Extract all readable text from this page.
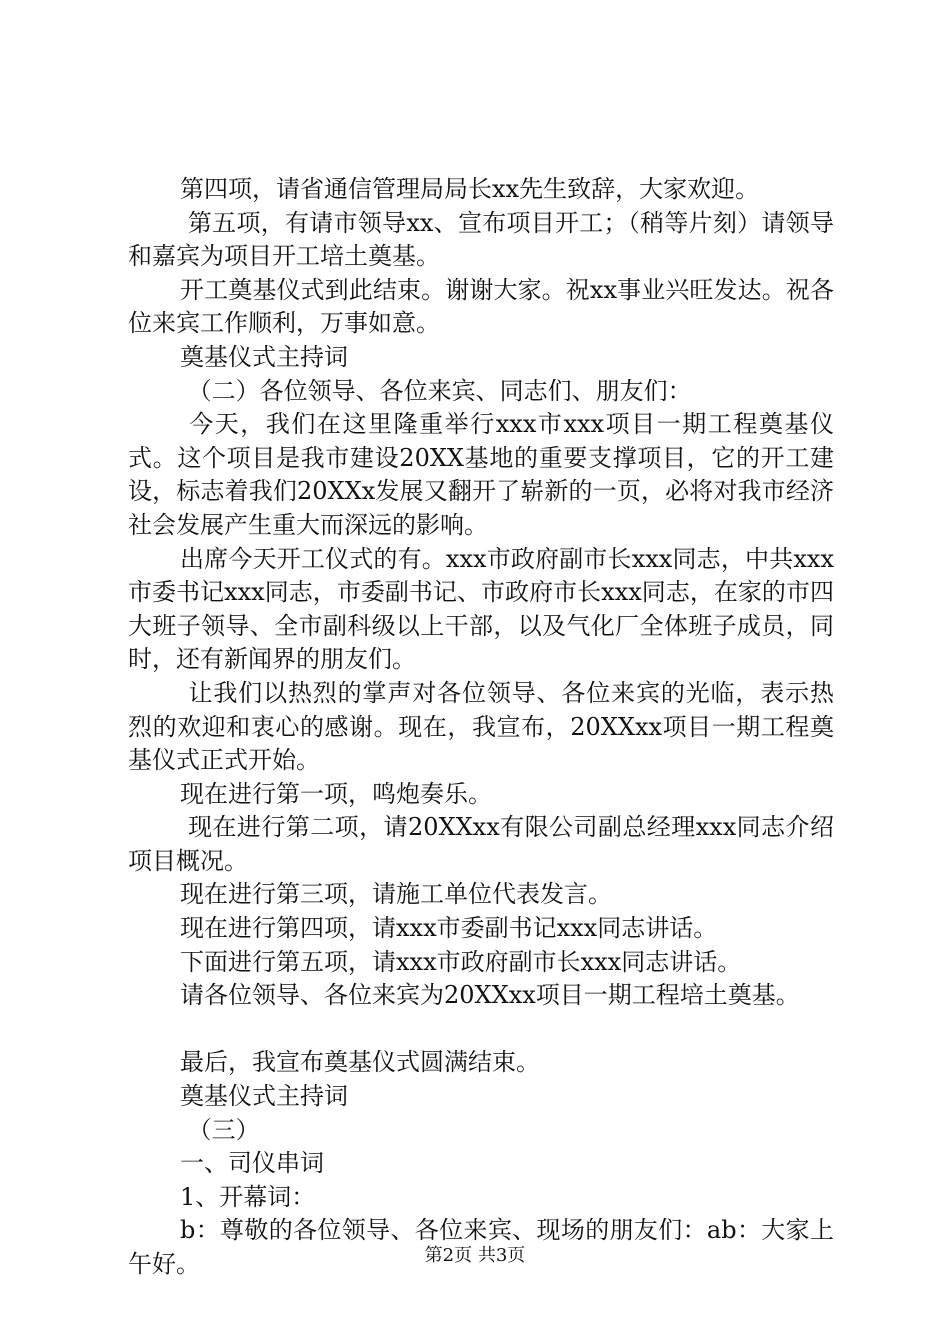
第四项，请省通信管理局局长xx先生致辞，大家欢迎。

第五项，有请市领导xx、宣布项目开工；（稍等片刻）请领导和嘉宾为项目开工培土奠基。

开工奠基仪式到此结束。谢谢大家。祝xx事业兴旺发达。祝各位来宾工作顺利，万事如意。

奠基仪式主持词

（二）各位领导、各位来宾、同志们、朋友们：

今天，我们在这里隆重举行xxx市xxx项目一期工程奠基仪式。这个项目是我市建设20XX基地的重要支撑项目，它的开工建设，标志着我们20XXx发展又翻开了崭新的一页，必将对我市经济社会发展产生重大而深远的影响。

出席今天开工仪式的有。xxx市政府副市长xxx同志，中共xxx市委书记xxx同志，市委副书记、市政府市长xxx同志，在家的市四大班子领导、全市副科级以上干部，以及气化厂全体班子成员，同时，还有新闻界的朋友们。

让我们以热烈的掌声对各位领导、各位来宾的光临，表示热烈的欢迎和衷心的感谢。现在，我宣布，20XXxx项目一期工程奠基仪式正式开始。

现在进行第一项，鸣炮奏乐。

现在进行第二项，请20XXxx有限公司副总经理xxx同志介绍项目概况。

现在进行第三项，请施工单位代表发言。

现在进行第四项，请xxx市委副书记xxx同志讲话。

下面进行第五项，请xxx市政府副市长xxx同志讲话。

请各位领导、各位来宾为20XXxx项目一期工程培土奠基。

最后，我宣布奠基仪式圆满结束。

奠基仪式主持词

（三）

一、司仪串词

1、开幕词：

b：尊敬的各位领导、各位来宾、现场的朋友们：ab：大家上午好。	第2页 共3页
